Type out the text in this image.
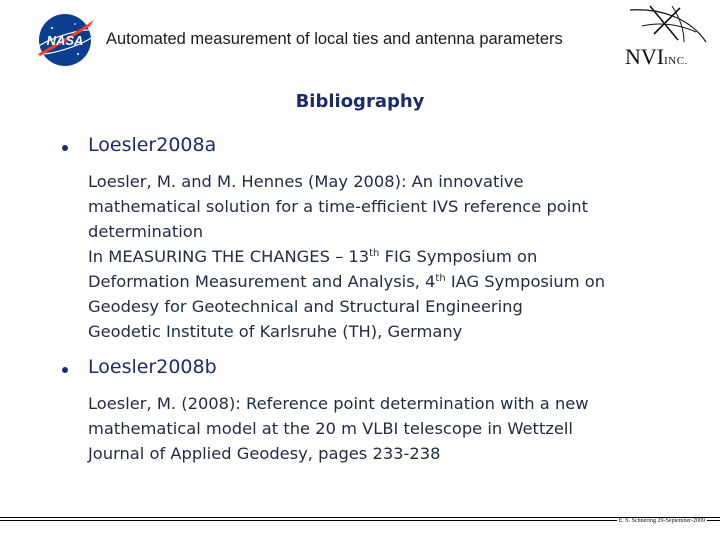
NASA Automated measurement of local ties and antenna parameters
NVIINC.
Bibliography
Loesler2008a
Loesler, M. and M. Hennes (May 2008): An innovative
mathematical solution for a time-efficient IVS reference point
determination
In MEASURING THE CHANGES – 13th FIG Symposium on
Deformation Measurement and Analysis, 4th IAG Symposium on
Geodesy for Geotechnical and Structural Engineering
Geodetic Institute of Karlsruhe (TH), Germany
Loesler2008b
Loesler, M. (2008): Reference point determination with a new
mathematical model at the 20 m VLBI telescope in Wettzell
Journal of Applied Geodesy, pages 233-238
E. S. Schnering 29-September-2009
